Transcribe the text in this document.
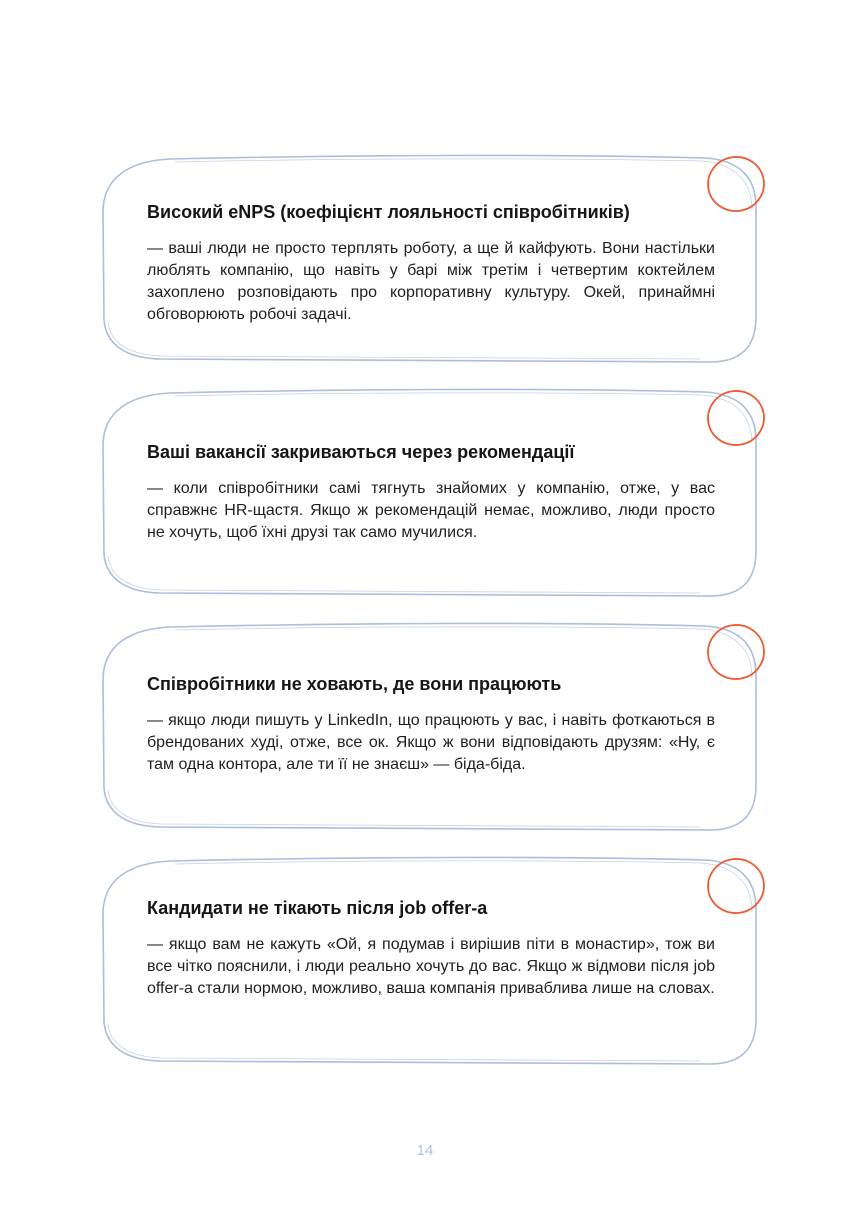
Високий eNPS (коефіцієнт лояльності співробітників)

— ваші люди не просто терплять роботу, а ще й кайфують. Вони настільки люблять компанію, що навіть у барі між третім і четвертим коктейлем захоплено розповідають про корпоративну культуру. Окей, принаймні обговорюють робочі задачі.

Ваші вакансії закриваються через рекомендації

— коли співробітники самі тягнуть знайомих у компанію, отже, у вас справжнє HR-щастя. Якщо ж рекомендацій немає, можливо, люди просто не хочуть, щоб їхні друзі так само мучилися.

Співробітники не ховають, де вони працюють

— якщо люди пишуть у LinkedIn, що працюють у вас, і навіть фоткаються в брендованих худі, отже, все ок. Якщо ж вони відповідають друзям: «Ну, є там одна контора, але ти її не знаєш» — біда-біда.

Кандидати не тікають після job offer-а

— якщо вам не кажуть «Ой, я подумав і вирішив піти в монастир», тож ви все чітко пояснили, і люди реально хочуть до вас. Якщо ж відмови після job offer-а стали нормою, можливо, ваша компанія приваблива лише на словах.

14
